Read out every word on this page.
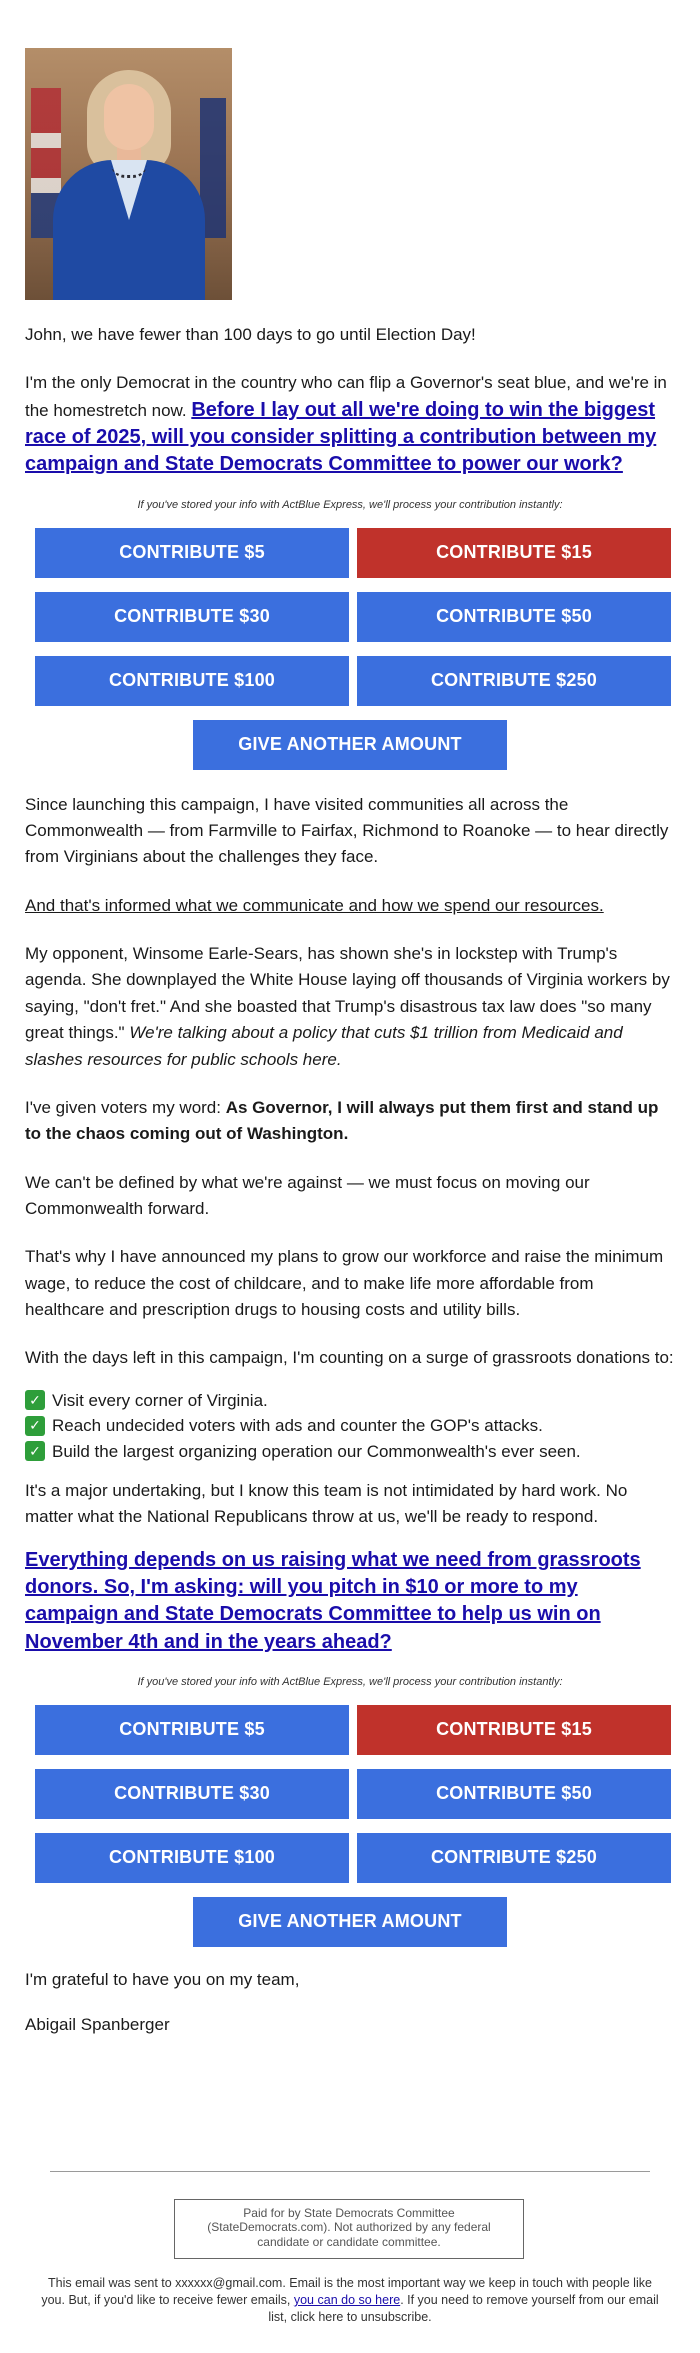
John, we have fewer than 100 days to go until Election Day!

I'm the only Democrat in the country who can flip a Governor's seat blue, and we're in the homestretch now. Before I lay out all we're doing to win the biggest race of 2025, will you consider splitting a contribution between my campaign and State Democrats Committee to power our work?

If you've stored your info with ActBlue Express, we'll process your contribution instantly:
CONTRIBUTE $5	CONTRIBUTE $15
CONTRIBUTE $30	CONTRIBUTE $50
CONTRIBUTE $100	CONTRIBUTE $250
GIVE ANOTHER AMOUNT

Since launching this campaign, I have visited communities all across the Commonwealth — from Farmville to Fairfax, Richmond to Roanoke — to hear directly from Virginians about the challenges they face.

And that's informed what we communicate and how we spend our resources.

My opponent, Winsome Earle-Sears, has shown she's in lockstep with Trump's agenda. She downplayed the White House laying off thousands of Virginia workers by saying, "don't fret." And she boasted that Trump's disastrous tax law does "so many great things." We're talking about a policy that cuts $1 trillion from Medicaid and slashes resources for public schools here.

I've given voters my word: As Governor, I will always put them first and stand up to the chaos coming out of Washington.

We can't be defined by what we're against — we must focus on moving our Commonwealth forward.

That's why I have announced my plans to grow our workforce and raise the minimum wage, to reduce the cost of childcare, and to make life more affordable from healthcare and prescription drugs to housing costs and utility bills.

With the days left in this campaign, I'm counting on a surge of grassroots donations to:

✓ Visit every corner of Virginia.
✓ Reach undecided voters with ads and counter the GOP's attacks.
✓ Build the largest organizing operation our Commonwealth's ever seen.

It's a major undertaking, but I know this team is not intimidated by hard work. No matter what the National Republicans throw at us, we'll be ready to respond.

Everything depends on us raising what we need from grassroots donors. So, I'm asking: will you pitch in $10 or more to my campaign and State Democrats Committee to help us win on November 4th and in the years ahead?

If you've stored your info with ActBlue Express, we'll process your contribution instantly:
CONTRIBUTE $5	CONTRIBUTE $15
CONTRIBUTE $30	CONTRIBUTE $50
CONTRIBUTE $100	CONTRIBUTE $250
GIVE ANOTHER AMOUNT

I'm grateful to have you on my team,

Abigail Spanberger

Paid for by State Democrats Committee (StateDemocrats.com). Not authorized by any federal candidate or candidate committee.
This email was sent to xxxxxx@gmail.com. Email is the most important way we keep in touch with people like you. But, if you'd like to receive fewer emails, you can do so here. If you need to remove yourself from our email list, click here to unsubscribe.
